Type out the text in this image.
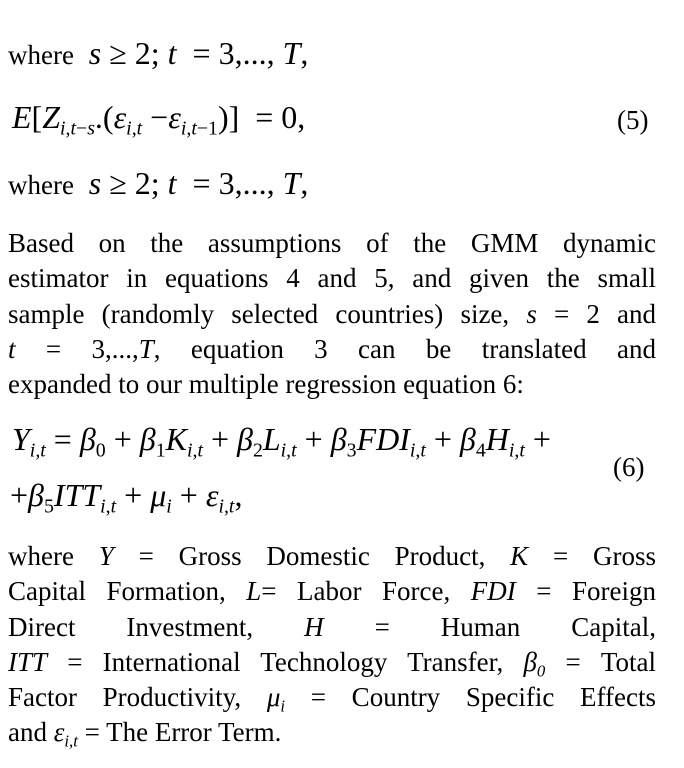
where s ≥ 2; t  = 3,..., T,
$E[Z_{i,t-s}.(\varepsilon_{i,t} -\varepsilon_{i,t-1})] = 0$,	(5)
where s ≥ 2; t  = 3,..., T,
Based on the assumptions of the GMM dynamic
estimator in equations 4 and 5, and given the small
sample (randomly selected countries) size, s = 2 and
t = 3,...,T, equation 3 can be translated and
expanded to our multiple regression equation 6:
$Y_{i,t} = \beta_0 + \beta_1K_{i,t} + \beta_2L_{i,t} + \beta_3FDI_{i,t} + \beta_4H_{i,t}$ +
$+\beta_5ITT_{i,t} + \mu_i + \varepsilon_{i,t}$,
(6)
where Y = Gross Domestic Product, K = Gross
Capital Formation, L= Labor Force, FDI = Foreign
Direct Investment, H = Human Capital,
ITT = International Technology Transfer, $\beta_0$ = Total
Factor Productivity, $\mu_i$ = Country Specific Effects
and $\varepsilon_{i,t}$ = The Error Term.
